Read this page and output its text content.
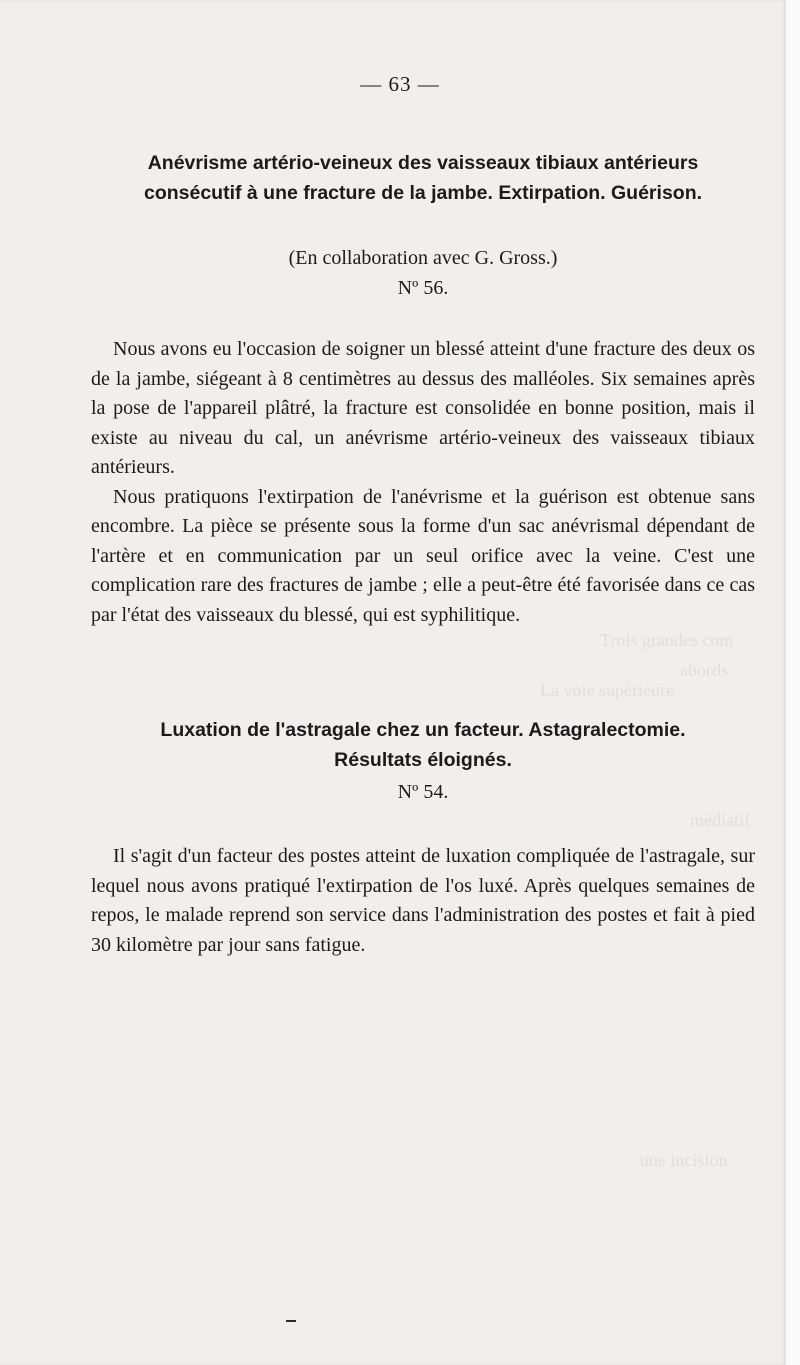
Trois grandes com
abords
La voie supérieure
médiatif
une incision
— 63 —

Anévrisme artério-veineux des vaisseaux tibiaux antérieurs

consécutif à une fracture de la jambe. Extirpation. Guérison.

(En collaboration avec G. Gross.)

Nº 56.

Nous avons eu l'occasion de soigner un blessé atteint d'une fracture des deux os de la jambe, siégeant à 8 centimètres au dessus des malléoles. Six semaines après la pose de l'appareil plâtré, la fracture est consolidée en bonne position, mais il existe au niveau du cal, un anévrisme artério-veineux des vaisseaux tibiaux antérieurs.

Nous pratiquons l'extirpation de l'anévrisme et la guérison est obtenue sans encombre. La pièce se présente sous la forme d'un sac anévrismal dépendant de l'artère et en communication par un seul orifice avec la veine. C'est une complication rare des fractures de jambe ; elle a peut-être été favorisée dans ce cas par l'état des vaisseaux du blessé, qui est syphilitique.

Luxation de l'astragale chez un facteur. Astagralectomie.

Résultats éloignés.

Nº 54.

Il s'agit d'un facteur des postes atteint de luxation compliquée de l'astragale, sur lequel nous avons pratiqué l'extirpation de l'os luxé. Après quelques semaines de repos, le malade reprend son service dans l'administration des postes et fait à pied 30 kilomètre par jour sans fatigue.
